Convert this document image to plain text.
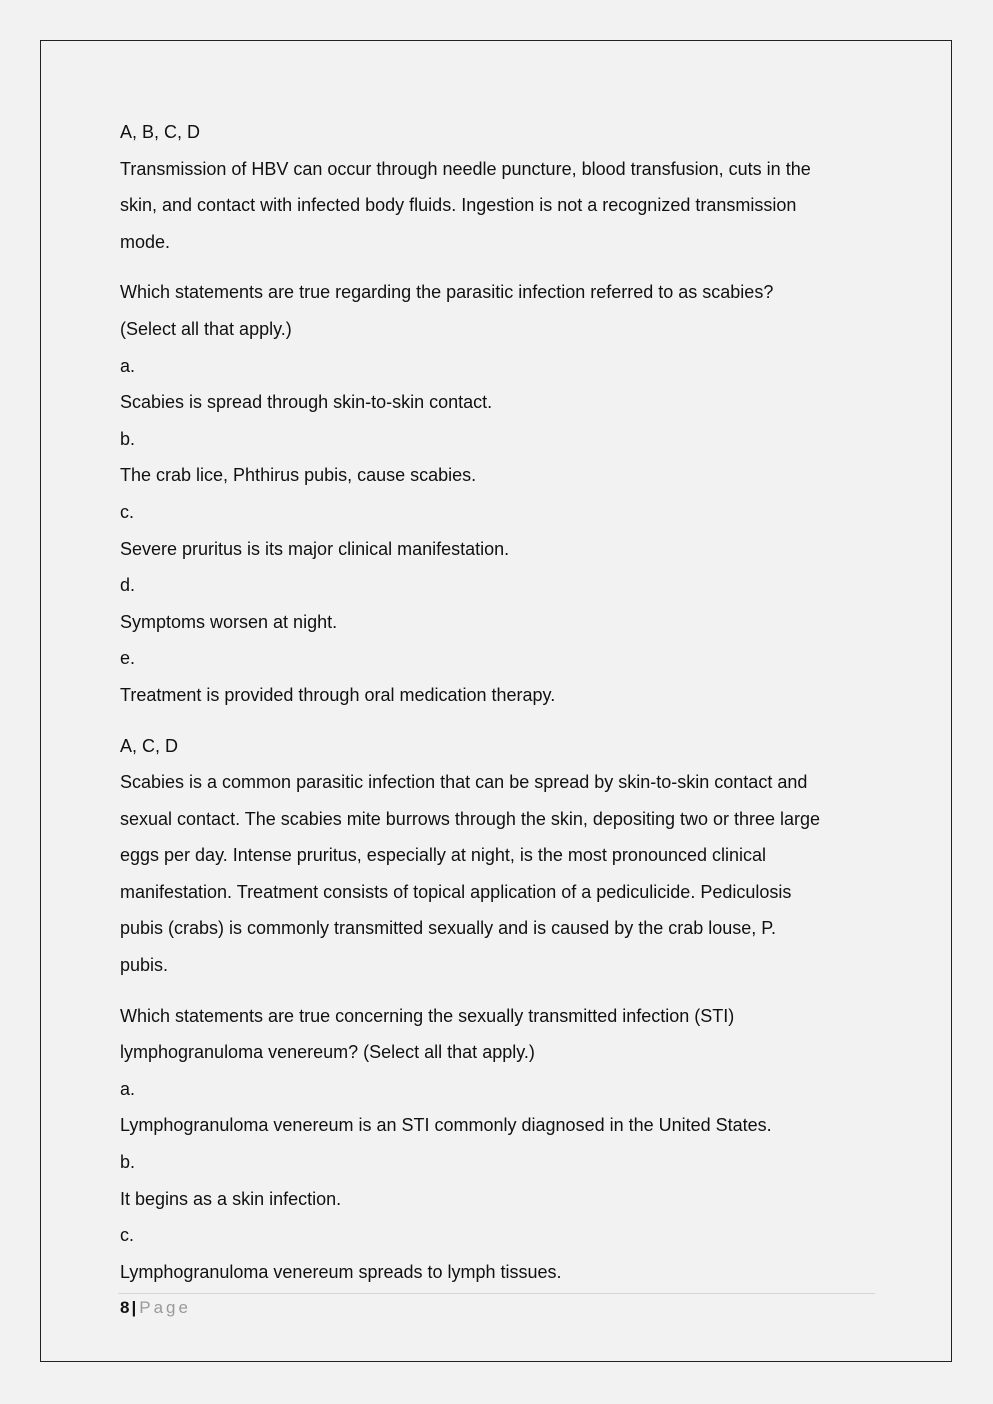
A, B, C, D

Transmission of HBV can occur through needle puncture, blood transfusion, cuts in the

skin, and contact with infected body fluids. Ingestion is not a recognized transmission

mode.

Which statements are true regarding the parasitic infection referred to as scabies?

(Select all that apply.)

a.

Scabies is spread through skin-to-skin contact.

b.

The crab lice, Phthirus pubis, cause scabies.

c.

Severe pruritus is its major clinical manifestation.

d.

Symptoms worsen at night.

e.

Treatment is provided through oral medication therapy.

A, C, D

Scabies is a common parasitic infection that can be spread by skin-to-skin contact and

sexual contact. The scabies mite burrows through the skin, depositing two or three large

eggs per day. Intense pruritus, especially at night, is the most pronounced clinical

manifestation. Treatment consists of topical application of a pediculicide. Pediculosis

pubis (crabs) is commonly transmitted sexually and is caused by the crab louse, P.

pubis.

Which statements are true concerning the sexually transmitted infection (STI)

lymphogranuloma venereum? (Select all that apply.)

a.

Lymphogranuloma venereum is an STI commonly diagnosed in the United States.

b.

It begins as a skin infection.

c.

Lymphogranuloma venereum spreads to lymph tissues.

8 | Page
